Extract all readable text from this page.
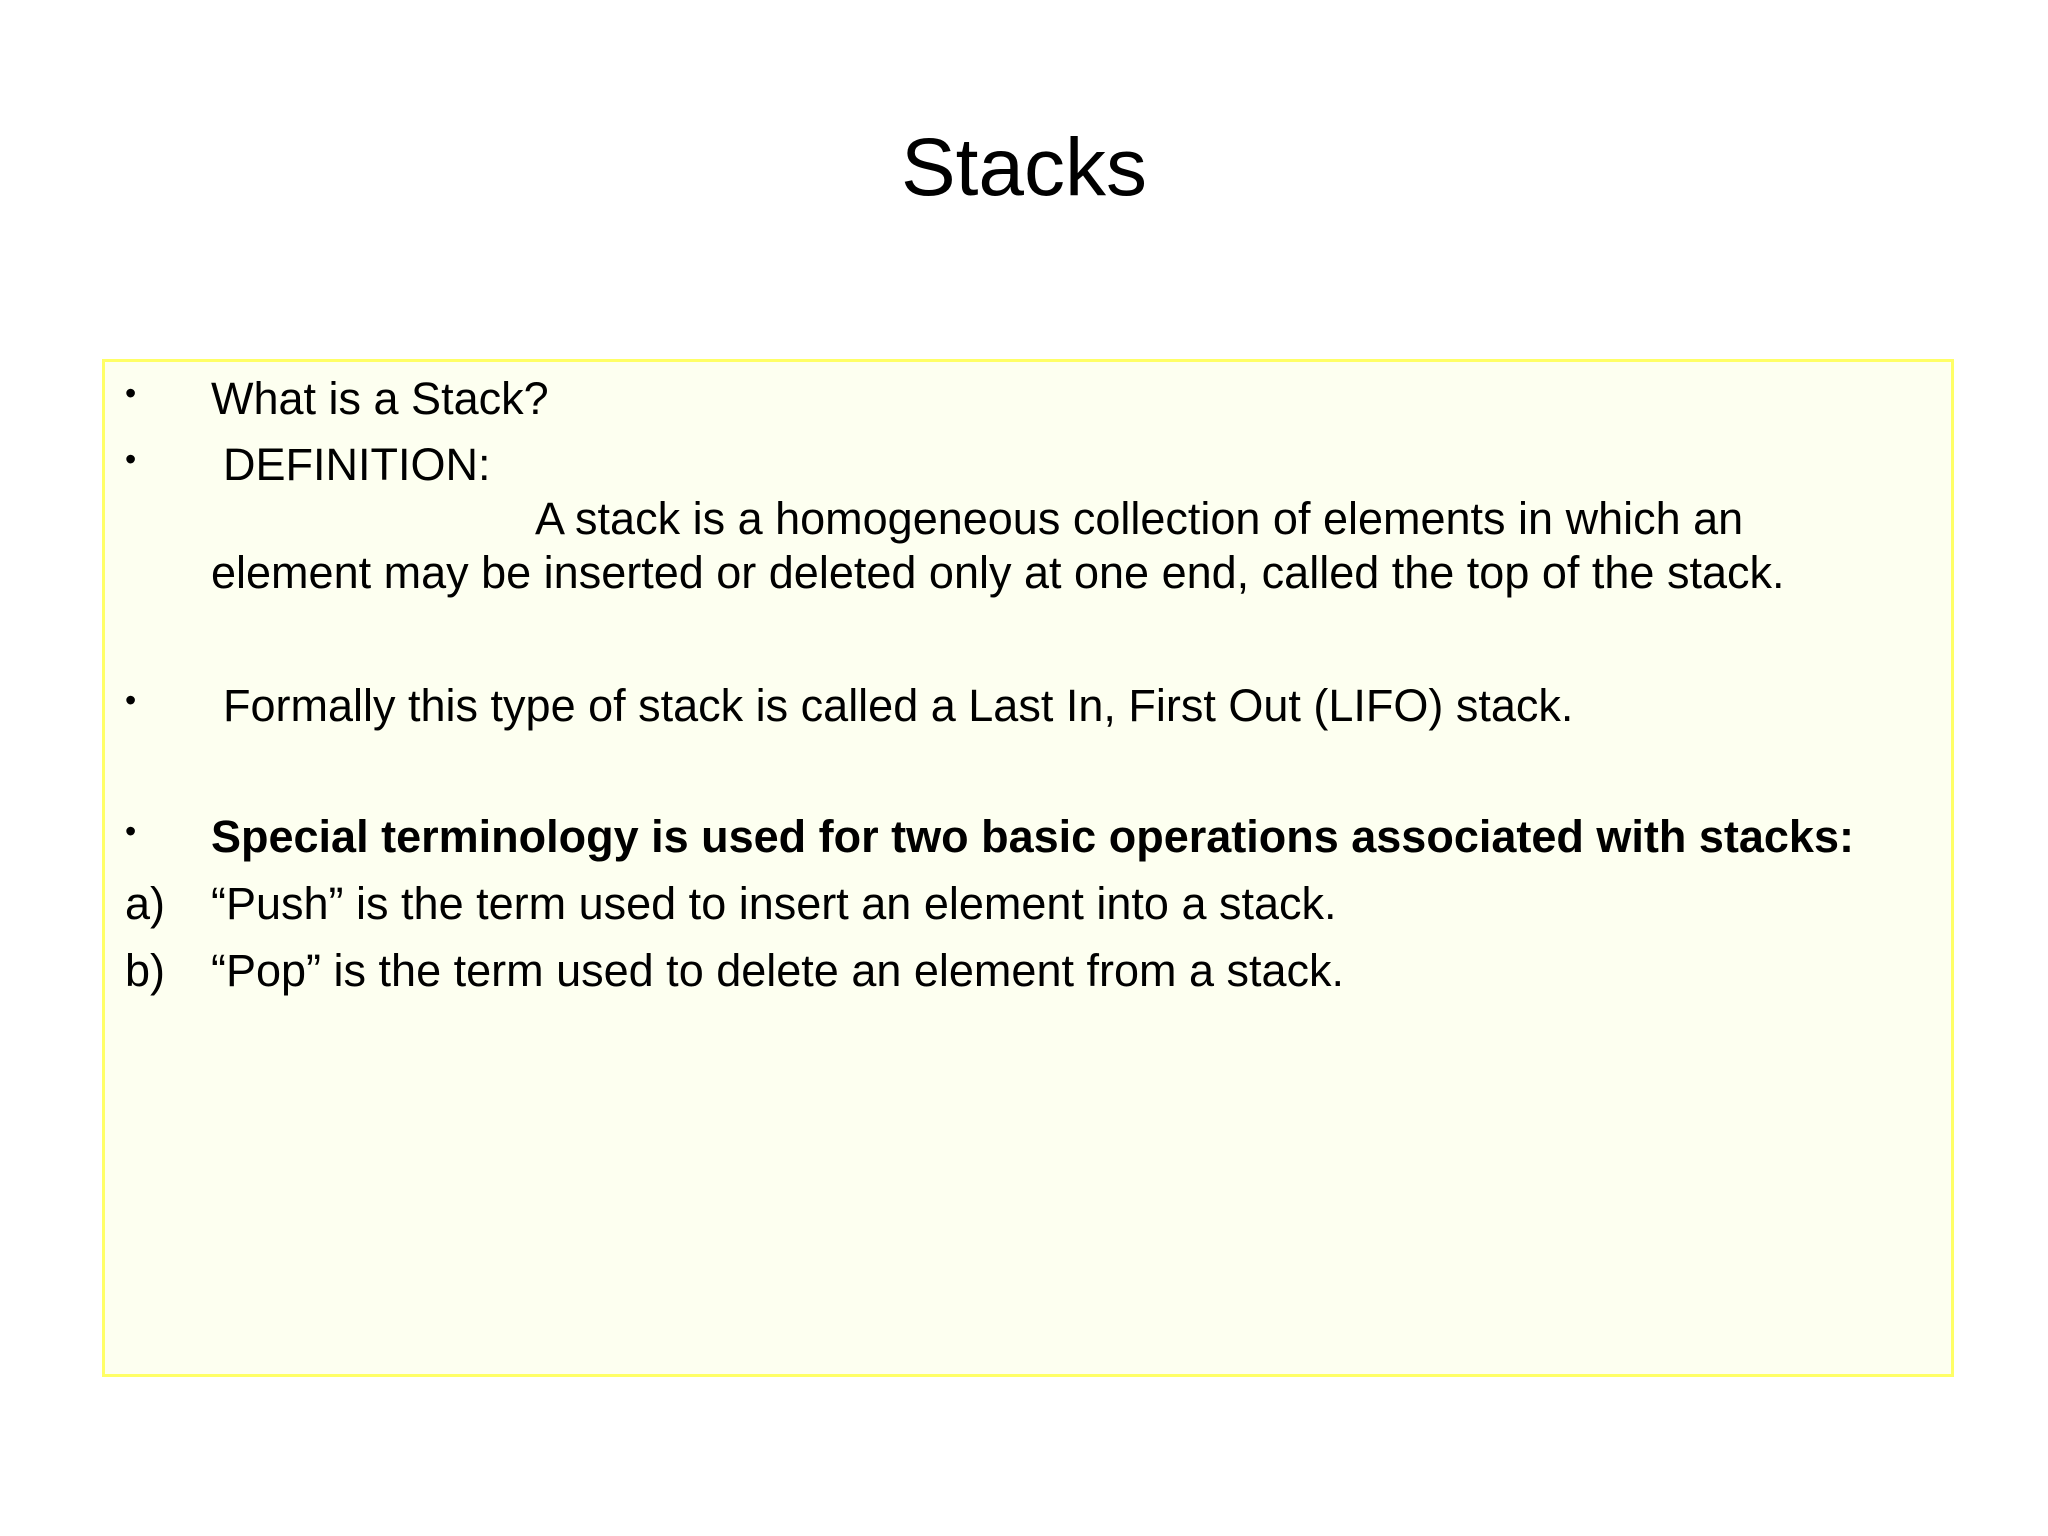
Stacks
• What is a Stack?
• DEFINITION:
A stack is a homogeneous collection of elements in which an
element may be inserted or deleted only at one end, called the top of the stack.
• Formally this type of stack is called a Last In, First Out (LIFO) stack.
• Special terminology is used for two basic operations associated with stacks:
a) “Push” is the term used to insert an element into a stack.
b) “Pop” is the term used to delete an element from a stack.
